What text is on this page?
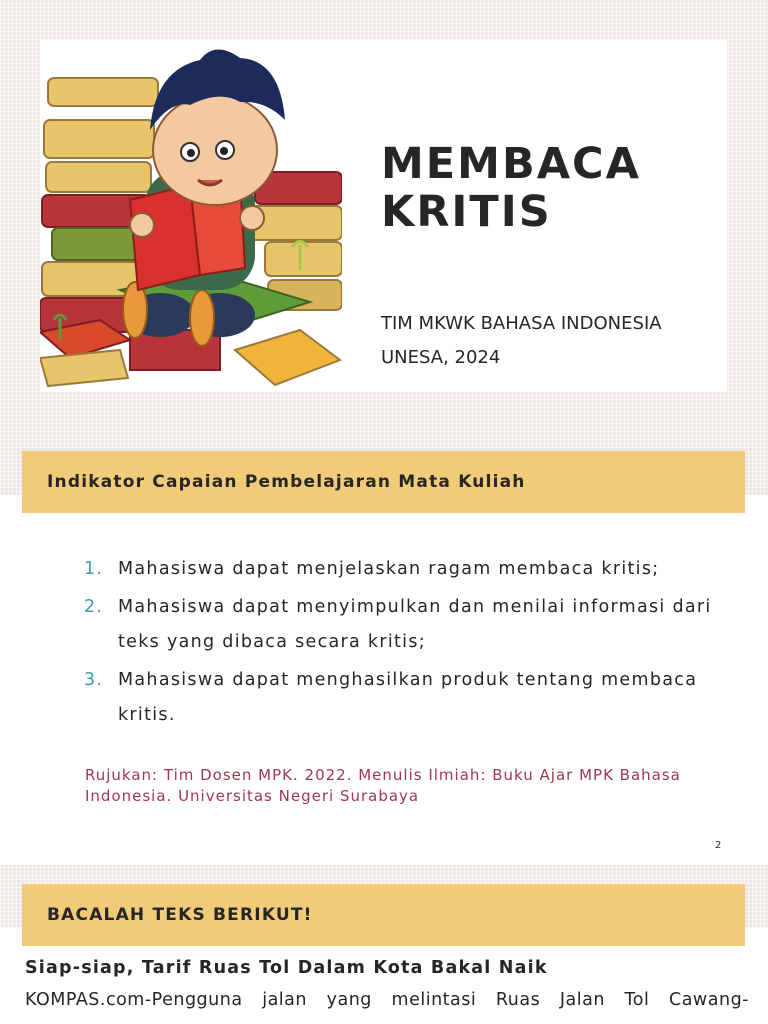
MEMBACA
KRITIS
TIM MKWK BAHASA INDONESIA
UNESA, 2024
Indikator Capaian Pembelajaran Mata Kuliah
1. Mahasiswa dapat menjelaskan ragam membaca kritis;
2. Mahasiswa dapat menyimpulkan dan menilai informasi dari teks yang dibaca secara kritis;
3. Mahasiswa dapat menghasilkan produk tentang membaca kritis.

Rujukan: Tim Dosen MPK. 2022. Menulis Ilmiah: Buku Ajar MPK Bahasa Indonesia. Universitas Negeri Surabaya

2
BACALAH TEKS BERIKUT!

Siap-siap, Tarif Ruas Tol Dalam Kota Bakal Naik

KOMPAS.com-Pengguna jalan yang melintasi Ruas Jalan Tol Cawang-
